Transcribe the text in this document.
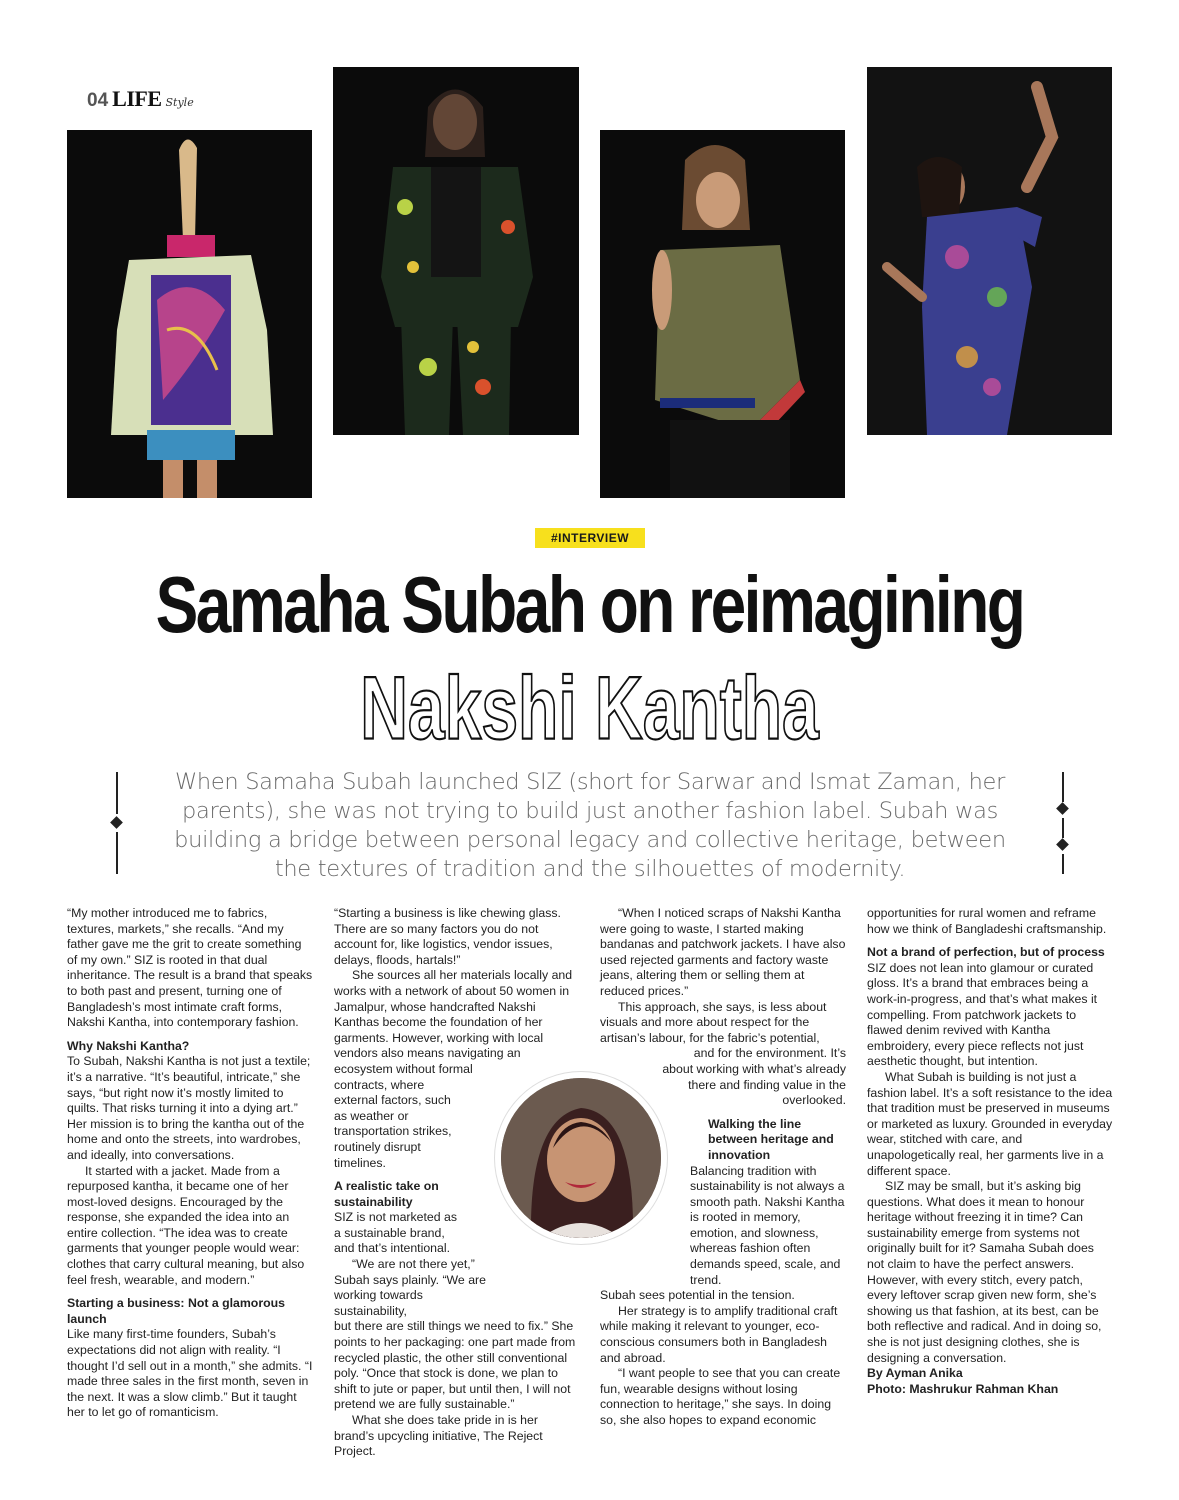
04 LIFE Style
#INTERVIEW
Samaha Subah on reimagining
Nakshi Kantha
When Samaha Subah launched SIZ (short for Sarwar and Ismat Zaman, her parents), she was not trying to build just another fashion label. Subah was building a bridge between personal legacy and collective heritage, between the textures of tradition and the silhouettes of modernity.

“My mother introduced me to fabrics, textures, markets,” she recalls. “And my father gave me the grit to create something of my own.” SIZ is rooted in that dual inheritance. The result is a brand that speaks to both past and present, turning one of Bangladesh’s most intimate craft forms, Nakshi Kantha, into contemporary fashion.

Why Nakshi Kantha?

To Subah, Nakshi Kantha is not just a textile; it’s a narrative. “It’s beautiful, intricate,” she says, “but right now it’s mostly limited to quilts. That risks turning it into a dying art.” Her mission is to bring the kantha out of the home and onto the streets, into wardrobes, and ideally, into conversations.

It started with a jacket. Made from a repurposed kantha, it became one of her most-loved designs. Encouraged by the response, she expanded the idea into an entire collection. “The idea was to create garments that younger people would wear: clothes that carry cultural meaning, but also feel fresh, wearable, and modern.”

Starting a business: Not a glamorous launch

Like many first-time founders, Subah’s expectations did not align with reality. “I thought I’d sell out in a month,” she admits. “I made three sales in the first month, seven in the next. It was a slow climb.” But it taught her to let go of romanticism.

“Starting a business is like chewing glass. There are so many factors you do not account for, like logistics, vendor issues, delays, floods, hartals!”

She sources all her materials locally and works with a network of about 50 women in Jamalpur, whose handcrafted Nakshi Kanthas become the foundation of her garments. However, working with local vendors also means navigating an ecosystem without formal

contracts, where external factors, such as weather or transportation strikes, routinely disrupt timelines.

A realistic take on sustainability

SIZ is not marketed as a sustainable brand, and that’s intentional.

“We are not there yet,” Subah says plainly. “We are working towards sustainability,

but there are still things we need to fix.” She points to her packaging: one part made from recycled plastic, the other still conventional poly. “Once that stock is done, we plan to shift to jute or paper, but until then, I will not pretend we are fully sustainable.”

What she does take pride in is her brand’s upcycling initiative, The Reject Project.

“When I noticed scraps of Nakshi Kantha were going to waste, I started making bandanas and patchwork jackets. I have also used rejected garments and factory waste jeans, altering them or selling them at reduced prices.”

This approach, she says, is less about visuals and more about respect for the artisan’s labour, for the fabric’s potential,

and for the environment. It’s about working with what’s already there and finding value in the overlooked.

Walking the line between heritage and innovation

Balancing tradition with sustainability is not always a smooth path. Nakshi Kantha is rooted in memory, emotion, and slowness, whereas fashion often demands speed, scale, and trend.

Subah sees potential in the tension.

Her strategy is to amplify traditional craft while making it relevant to younger, eco-conscious consumers both in Bangladesh and abroad.

“I want people to see that you can create fun, wearable designs without losing connection to heritage,” she says. In doing so, she also hopes to expand economic

opportunities for rural women and reframe how we think of Bangladeshi craftsmanship.

Not a brand of perfection, but of process

SIZ does not lean into glamour or curated gloss. It’s a brand that embraces being a work-in-progress, and that’s what makes it compelling. From patchwork jackets to flawed denim revived with Kantha embroidery, every piece reflects not just aesthetic thought, but intention.

What Subah is building is not just a fashion label. It’s a soft resistance to the idea that tradition must be preserved in museums or marketed as luxury. Grounded in everyday wear, stitched with care, and unapologetically real, her garments live in a different space.

SIZ may be small, but it’s asking big questions. What does it mean to honour heritage without freezing it in time? Can sustainability emerge from systems not originally built for it? Samaha Subah does not claim to have the perfect answers. However, with every stitch, every patch, every leftover scrap given new form, she’s showing us that fashion, at its best, can be both reflective and radical. And in doing so, she is not just designing clothes, she is designing a conversation.

By Ayman Anika

Photo: Mashrukur Rahman Khan
